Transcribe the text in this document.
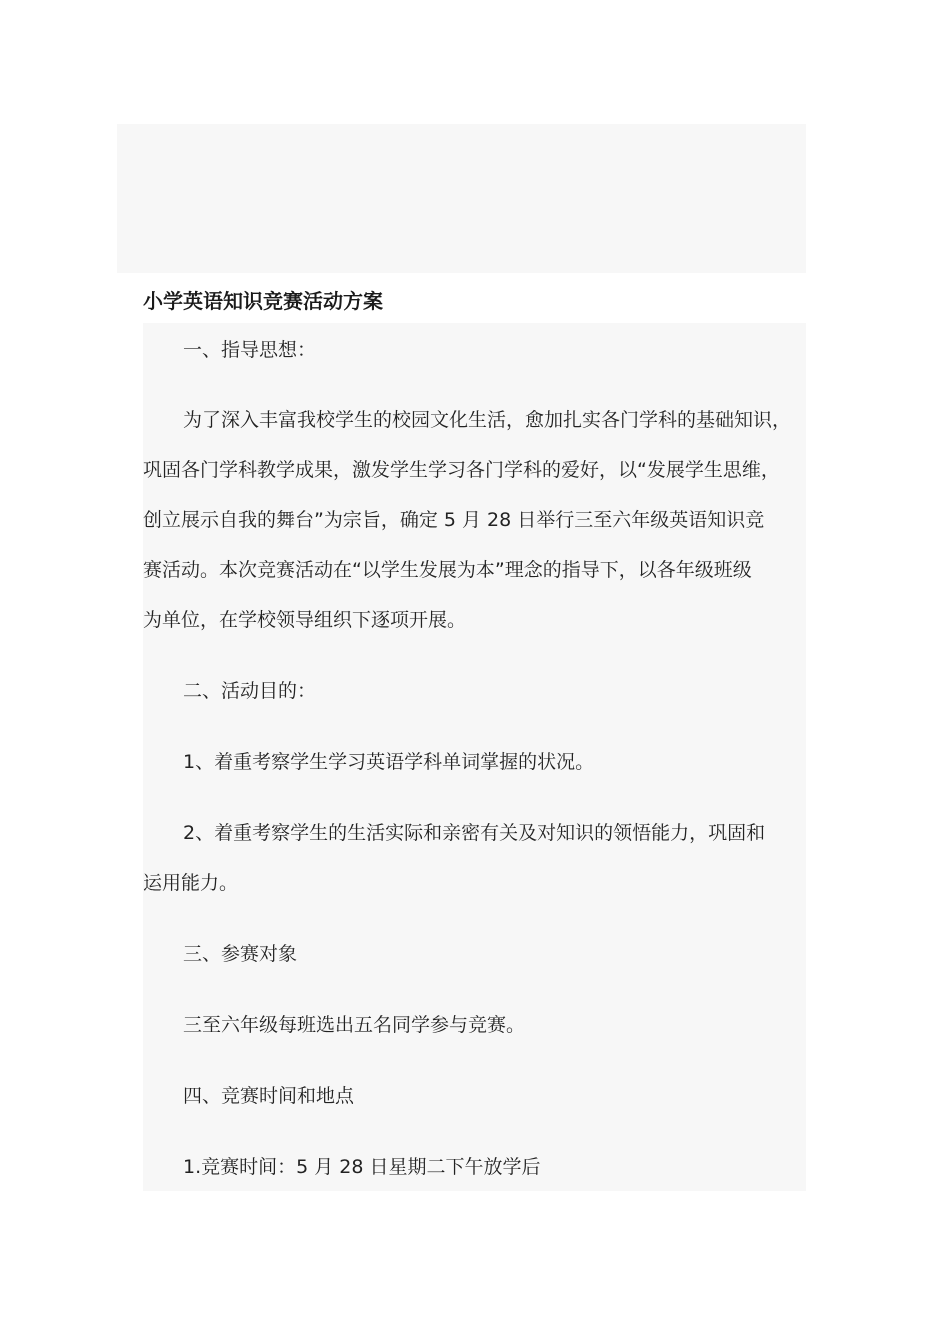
小学英语知识竞赛活动方案
一、指导思想：
为了深入丰富我校学生的校园文化生活，愈加扎实各门学科的基础知识，
巩固各门学科教学成果，激发学生学习各门学科的爱好，以“发展学生思维，
创立展示自我的舞台”为宗旨，确定 5 月 28 日举行三至六年级英语知识竞
赛活动。本次竞赛活动在“以学生发展为本”理念的指导下，以各年级班级
为单位，在学校领导组织下逐项开展。
二、活动目的：
1、着重考察学生学习英语学科单词掌握的状况。
2、着重考察学生的生活实际和亲密有关及对知识的领悟能力，巩固和
运用能力。
三、参赛对象
三至六年级每班选出五名同学参与竞赛。
四、竞赛时间和地点
1.竞赛时间：5 月 28 日星期二下午放学后
